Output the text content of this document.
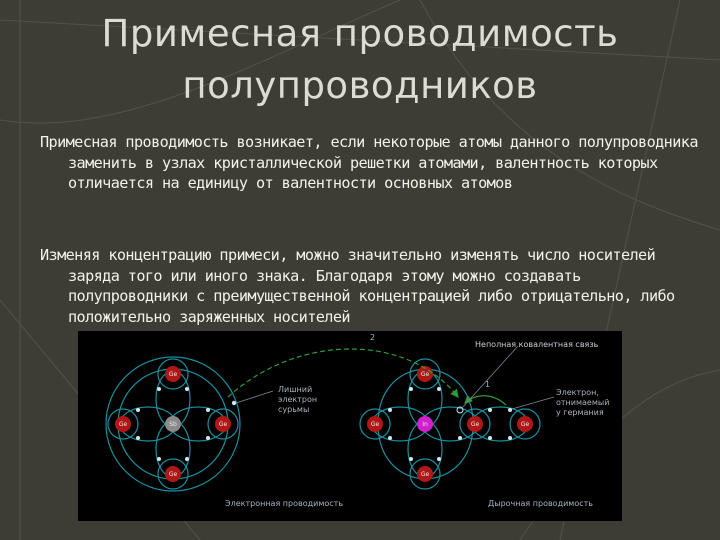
Примесная проводимость
полупроводников

Примесная проводимость возникает, если некоторые атомы данного полупроводника заменить в узлах кристаллической решетки атомами, валентность которых отличается на единицу от валентности основных атомов

Изменяя концентрацию примеси, можно значительно изменять число носителей заряда того или иного знака. Благодаря этому можно создавать полупроводники с преимущественной концентрацией либо отрицательно, либо положительно заряженных носителей

Ge
Ge
Ge	Ge
Sb
Лишний
электрон
сурьмы
Электронная проводимость
Ge
Ge
Ge	Ge	Ge
In
2
1
Неполная ковалентная связь
Электрон,
отнимаемый
у германия
Дырочная проводимость
